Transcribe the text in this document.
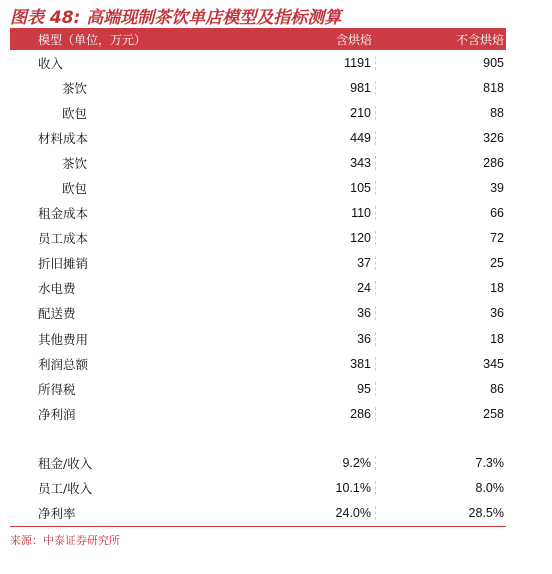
图表 48: 高端现制茶饮单店模型及指标测算
模型（单位，万元）	含烘焙	不含烘焙
收入	1191	905
茶饮	981	818
欧包	210	88
材料成本	449	326
茶饮	343	286
欧包	105	39
租金成本	110	66
员工成本	120	72
折旧摊销	37	25
水电费	24	18
配送费	36	36
其他费用	36	18
利润总额	381	345
所得税	95	86
净利润	286	258
租金/收入	9.2%	7.3%
员工/收入	10.1%	8.0%
净利率	24.0%	28.5%
来源：中泰证券研究所
